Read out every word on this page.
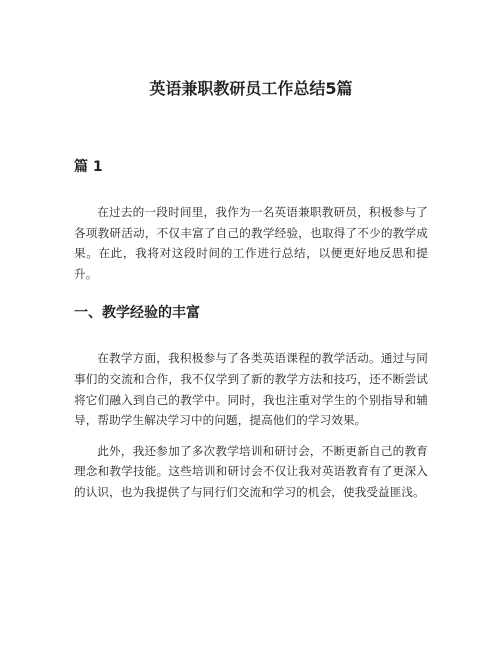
英语兼职教研员工作总结5篇
篇 1

在过去的一段时间里，我作为一名英语兼职教研员，积极参与了各项教研活动，不仅丰富了自己的教学经验，也取得了不少的教学成果。在此，我将对这段时间的工作进行总结，以便更好地反思和提升。

一、教学经验的丰富

在教学方面，我积极参与了各类英语课程的教学活动。通过与同事们的交流和合作，我不仅学到了新的教学方法和技巧，还不断尝试将它们融入到自己的教学中。同时，我也注重对学生的个别指导和辅导，帮助学生解决学习中的问题，提高他们的学习效果。

此外，我还参加了多次教学培训和研讨会，不断更新自己的教育理念和教学技能。这些培训和研讨会不仅让我对英语教育有了更深入的认识，也为我提供了与同行们交流和学习的机会，使我受益匪浅。
